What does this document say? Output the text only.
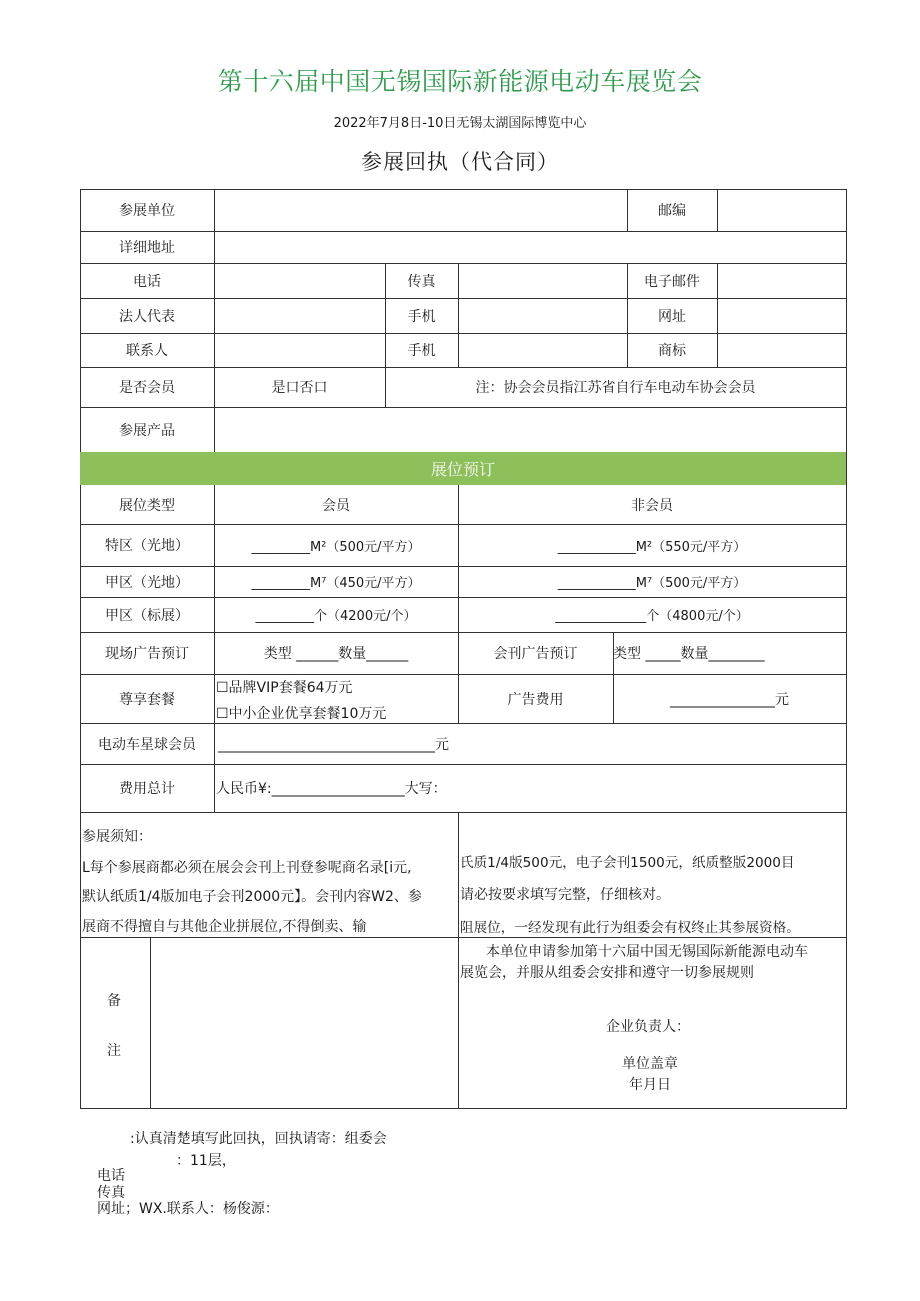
第十六届中国无锡国际新能源电动车展览会
2022年7月8日-10日无锡太湖国际博览中心
参展回执（代合同）
参展单位	邮编
详细地址
电话	传真	电子邮件
法人代表	手机	网址
联系人	手机	商标
是否会员	是口否口	注：协会会员指江苏省自行车电动车协会会员
参展产品
展位预订
展位类型	会员	非会员
特区（光地）	_________M²（500元/平方）	____________M²（550元/平方）
甲区（光地）	_________M⁷（450元/平方）	____________M⁷（500元/平方）
甲区（标展）	_________个（4200元/个）	______________个（4800元/个）
现场广告预订	类型 ______数量______	会刊广告预订	类型 _____数量________
尊享套餐
☐品牌VIP套餐64万元
☐中小企业优享套餐10万元
广告费用	_______________元
电动车星球会员	_______________________________元
费用总计	人民币¥:___________________大写：
参展须知：
L每个参展商都必须在展会会刊上刊登参呢商名录[i元,
默认纸质1/4版加电子会刊2000元】。会刊内容W2、参
展商不得擅自与其他企业拼展位,不得倒卖、输
氏质1/4版500元，电子会刊1500元，纸质整版2000目
请必按要求填写完整，仔细核对。
阻展位，一经发现有此行为组委会有权终止其参展资格。
备
注
本单位申请参加第十六届中国无锡国际新能源电动车
展览会，并服从组委会安排和遵守一切参展规则
企业负责人：
单位盖章
年月日
:认真清楚填写此回执，回执请寄：组委会
：11层，
电话
传真
网址；WX.联系人：杨俊源：
